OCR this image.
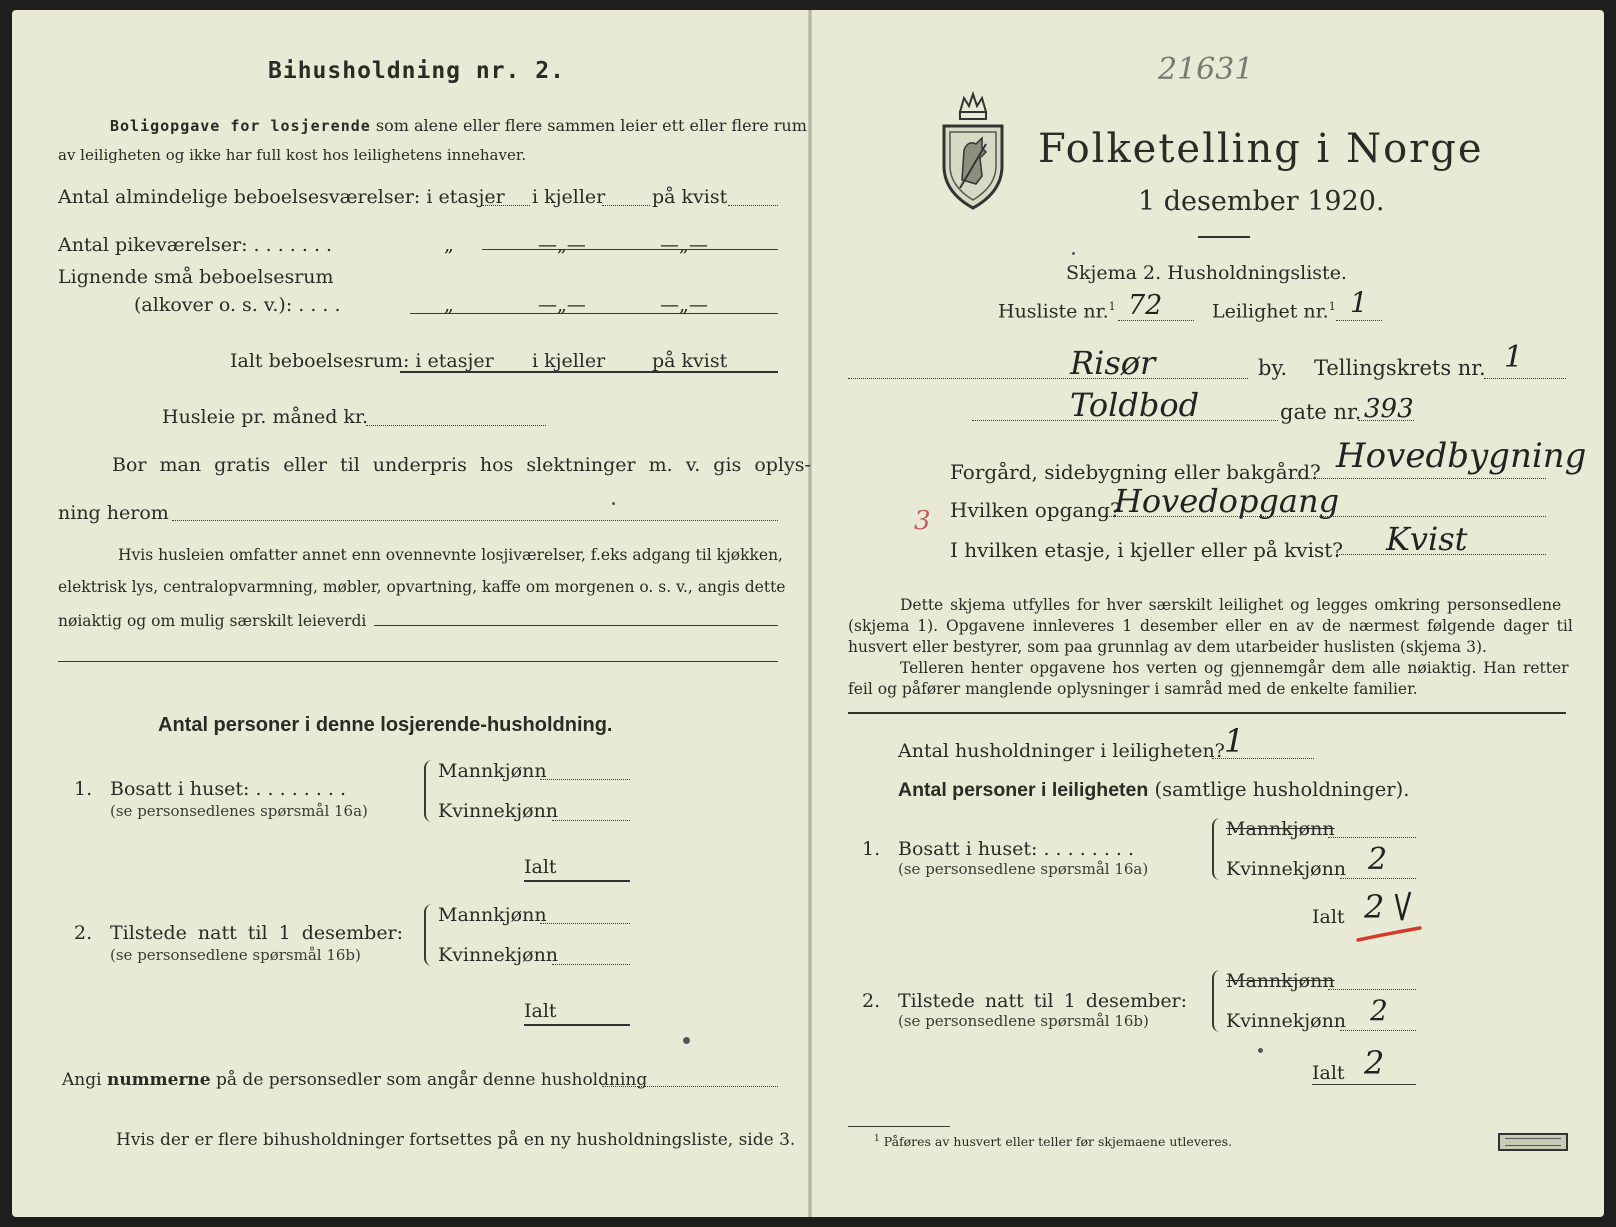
Bihusholdning nr. 2.
Boligopgave for losjerende som alene eller flere sammen leier ett eller flere rum
av leiligheten og ikke har full kost hos leilighetens innehaver.
Antal almindelige beboelsesværelser: i etasjer i kjeller på kvist
Antal pikeværelser: . . . . . . .	„	—„—	—„—
Lignende små beboelsesrum
(alkover o. s. v.): . . . .	„	—„—	—„—
Ialt beboelsesrum: i etasjer i kjeller på kvist
Husleie pr. måned kr.
Bor man gratis eller til underpris hos slektninger m. v. gis oplys-
ning herom
Hvis husleien omfatter annet enn ovennevnte losjiværelser, f.eks adgang til kjøkken,
elektrisk lys, centralopvarmning, møbler, opvartning, kaffe om morgenen o. s. v., angis dette
nøiaktig og om mulig særskilt leieverdi
Antal personer i denne losjerende-husholdning.
1. Bosatt i huset: . . . . . . . .
(se personsedlenes spørsmål 16a)
Mannkjønn
Kvinnekjønn
Ialt
2. Tilstede natt til 1 desember:
(se personsedlene spørsmål 16b)
Mannkjønn
Kvinnekjønn
Ialt
Angi nummerne på de personsedler som angår denne husholdning
Hvis der er flere bihusholdninger fortsettes på en ny husholdningsliste, side 3.
21631
Folketelling i Norge
1 desember 1920.
Skjema 2. Husholdningsliste.
Husliste nr.$^1$ 72	Leilighet nr.$^1$ 1
Risør	by. Tellingskrets nr. 1
Toldbod	gate nr. 393
Forgård, sidebygning eller bakgård? Hovedbygning
3 Hvilken opgang?
Hovedopgang
I hvilken etasje, i kjeller eller på kvist? Kvist
Dette skjema utfylles for hver særskilt leilighet og legges omkring personsedlene
(skjema 1). Opgavene innleveres 1 desember eller en av de nærmest følgende dager til
husvert eller bestyrer, som paa grunnlag av dem utarbeider huslisten (skjema 3).
Telleren henter opgavene hos verten og gjennemgår dem alle nøiaktig. Han retter
feil og påfører manglende oplysninger i samråd med de enkelte familier.
Antal husholdninger i leiligheten? 1
Antal personer i leiligheten (samtlige husholdninger).
1. Bosatt i huset: . . . . . . . .
(se personsedlene spørsmål 16a)
Mannkjønn
Kvinnekjønn 2
Ialt 2
2. Tilstede natt til 1 desember:
(se personsedlene spørsmål 16b)
Mannkjønn
Kvinnekjønn 2
Ialt 2
$^1$ Påføres av husvert eller teller før skjemaene utleveres.
